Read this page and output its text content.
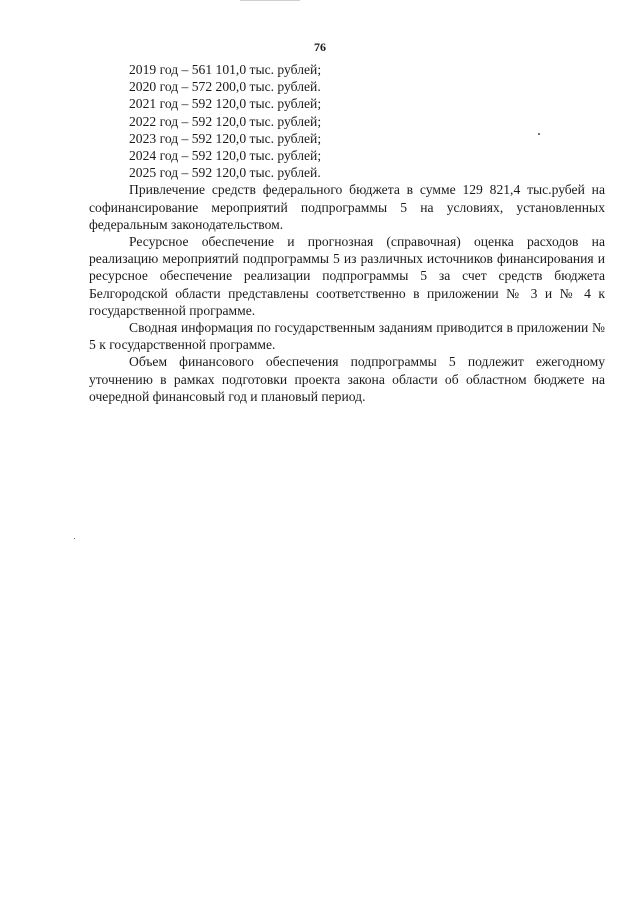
76

2019 год – 561 101,0 тыс. рублей;

2020 год – 572 200,0 тыс. рублей.

2021 год – 592 120,0 тыс. рублей;

2022 год – 592 120,0 тыс. рублей;

2023 год – 592 120,0 тыс. рублей;

2024 год – 592 120,0 тыс. рублей;

2025 год – 592 120,0 тыс. рублей.

Привлечение средств федерального бюджета в сумме 129 821,4 тыс.рубей на софинансирование мероприятий подпрограммы 5 на условиях, установленных федеральным законодательством.

Ресурсное обеспечение и прогнозная (справочная) оценка расходов на реализацию мероприятий подпрограммы 5 из различных источников финансирования и ресурсное обеспечение реализации подпрограммы 5 за счет средств бюджета Белгородской области представлены соответственно в приложении № 3 и № 4 к государственной программе.

Сводная информация по государственным заданиям приводится в приложении № 5 к государственной программе.

Объем финансового обеспечения подпрограммы 5 подлежит ежегодному уточнению в рамках подготовки проекта закона области об областном бюджете на очередной финансовый год и плановый период.
